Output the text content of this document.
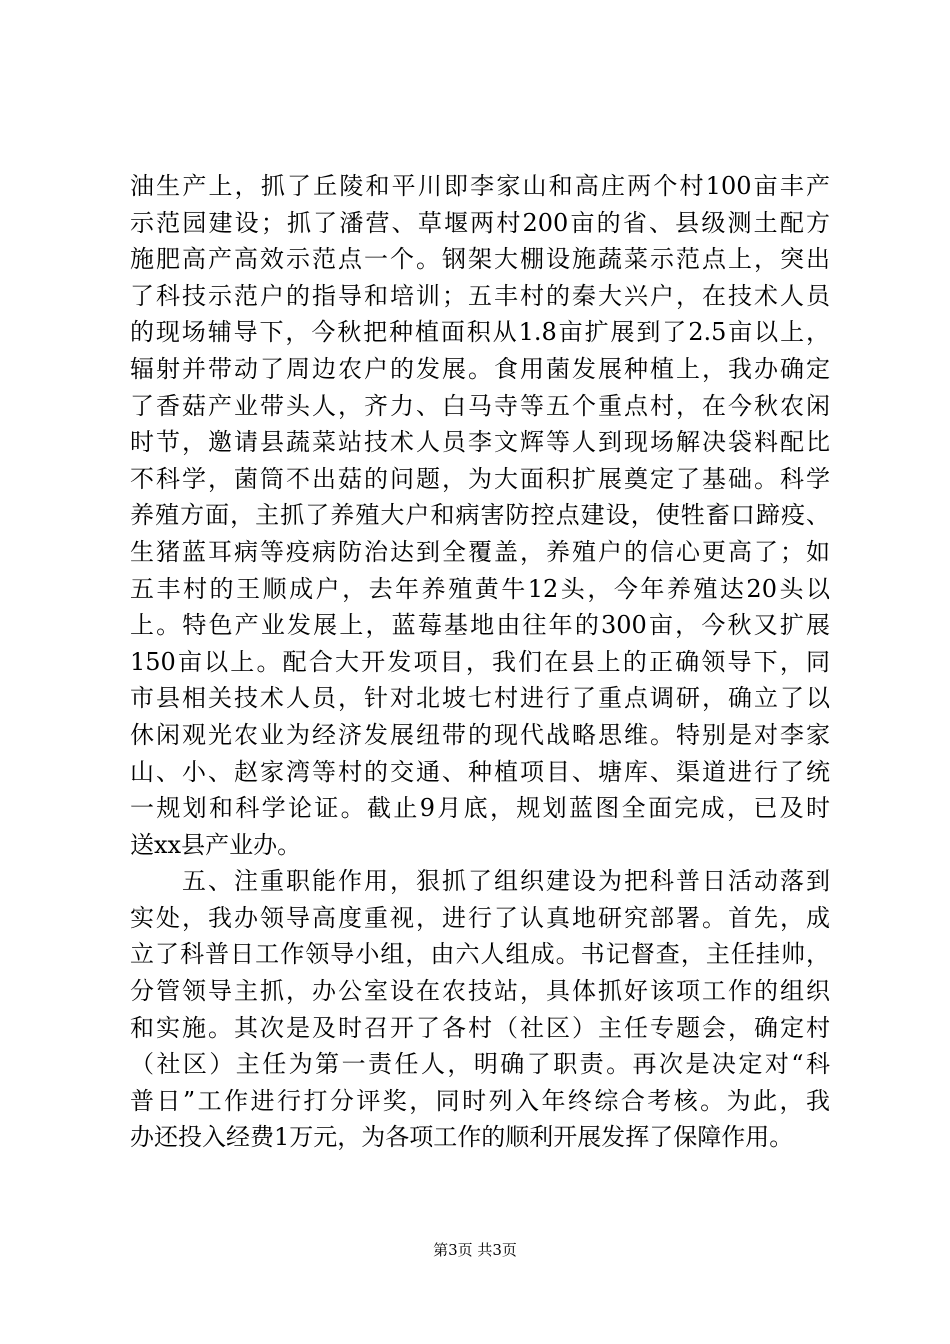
油生产上，抓了丘陵和平川即李家山和高庄两个村100亩丰产
示范园建设；抓了潘营、草堰两村200亩的省、县级测土配方
施肥高产高效示范点一个。钢架大棚设施蔬菜示范点上，突出
了科技示范户的指导和培训；五丰村的秦大兴户，在技术人员
的现场辅导下，今秋把种植面积从1.8亩扩展到了2.5亩以上，
辐射并带动了周边农户的发展。食用菌发展种植上，我办确定
了香菇产业带头人，齐力、白马寺等五个重点村，在今秋农闲
时节，邀请县蔬菜站技术人员李文辉等人到现场解决袋料配比
不科学，菌筒不出菇的问题，为大面积扩展奠定了基础。科学
养殖方面，主抓了养殖大户和病害防控点建设，使牲畜口蹄疫、
生猪蓝耳病等疫病防治达到全覆盖，养殖户的信心更高了；如
五丰村的王顺成户，去年养殖黄牛12头，今年养殖达20头以
上。特色产业发展上，蓝莓基地由往年的300亩，今秋又扩展
150亩以上。配合大开发项目，我们在县上的正确领导下，同
市县相关技术人员，针对北坡七村进行了重点调研，确立了以
休闲观光农业为经济发展纽带的现代战略思维。特别是对李家
山、小、赵家湾等村的交通、种植项目、塘库、渠道进行了统
一规划和科学论证。截止9月底，规划蓝图全面完成，已及时
送xx县产业办。
　　五、注重职能作用，狠抓了组织建设为把科普日活动落到
实处，我办领导高度重视，进行了认真地研究部署。首先，成
立了科普日工作领导小组，由六人组成。书记督查，主任挂帅，
分管领导主抓，办公室设在农技站，具体抓好该项工作的组织
和实施。其次是及时召开了各村（社区）主任专题会，确定村
（社区）主任为第一责任人，明确了职责。再次是决定对“科
普日”工作进行打分评奖，同时列入年终综合考核。为此，我
办还投入经费1万元，为各项工作的顺利开展发挥了保障作用。
第3页 共3页
